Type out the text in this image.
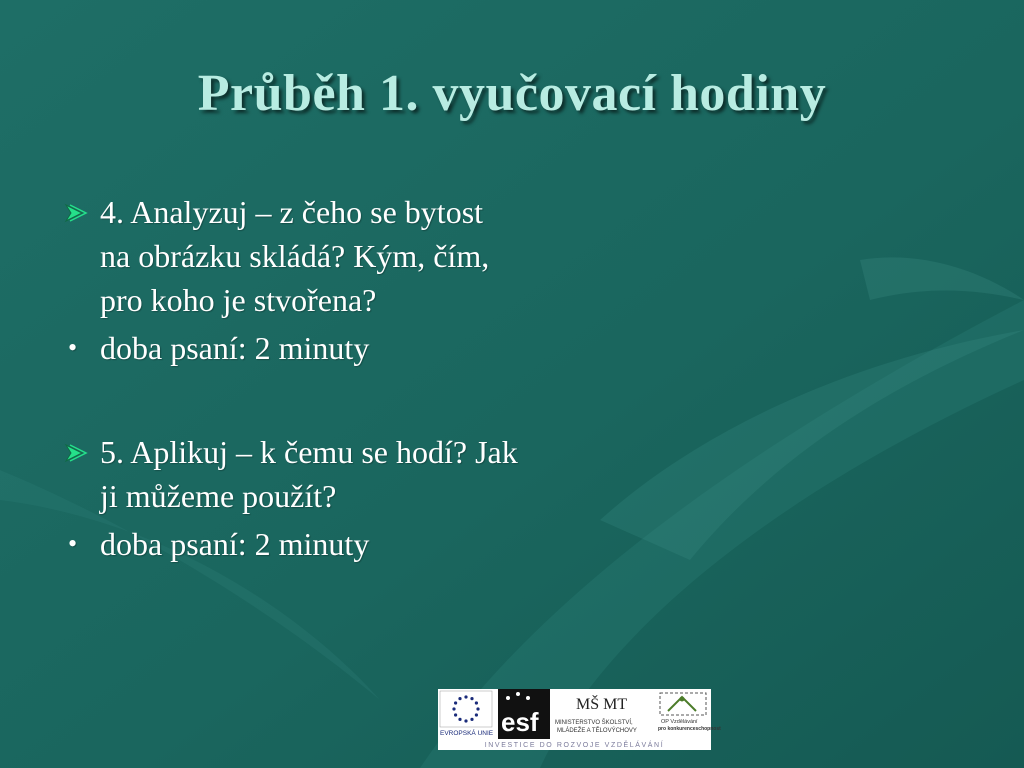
Průběh 1. vyučovací hodiny
4. Analyzuj – z čeho se bytost
na obrázku skládá? Kým, čím,
pro koho je stvořena?
• doba psaní: 2 minuty
5. Aplikuj – k čemu se hodí? Jak
ji můžeme použít?
• doba psaní: 2 minuty
EVROPSKÁ UNIE esf
MŠ MT
MINISTERSTVO ŠKOLSTVÍ,
MLÁDEŽE A TĚLOVÝCHOVY
OP Vzdělávání
pro konkurenceschopnost
INVESTICE DO ROZVOJE VZDĚLÁVÁNÍ
